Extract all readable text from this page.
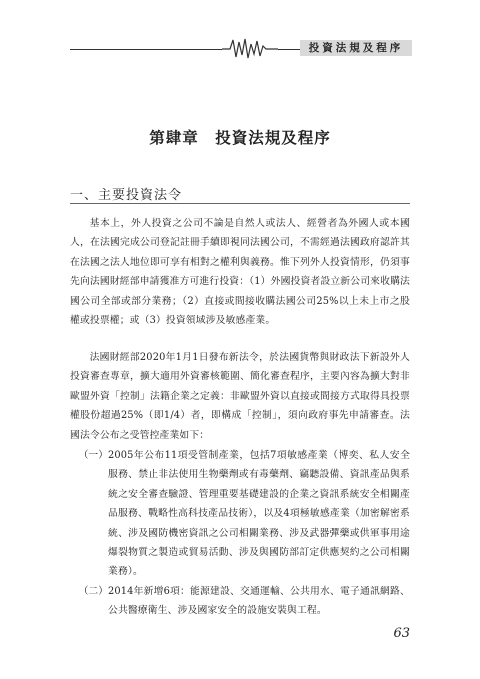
投資法規及程序
第肆章　投資法規及程序
一、主要投資法令

基本上，外人投資之公司不論是自然人或法人、經營者為外國人或本國人，在法國完成公司登記註冊手續即視同法國公司，不需經過法國政府認許其在法國之法人地位即可享有相對之權利與義務。惟下列外人投資情形，仍須事先向法國財經部申請獲准方可進行投資：（1）外國投資者設立新公司來收購法國公司全部或部分業務；（2）直接或間接收購法國公司25%以上未上市之股權或投票權；或（3）投資領域涉及敏感產業。

法國財經部2020年1月1日發布新法令，於法國貨幣與財政法下新設外人投資審查專章，擴大適用外資審核範圍、簡化審查程序，主要內容為擴大對非歐盟外資「控制」法籍企業之定義：非歐盟外資以直接或間接方式取得具投票權股份超過25%（即1/4）者，即構成「控制」，須向政府事先申請審查。法國法令公布之受管控產業如下：

（一） 2005年公布11項受管制產業，包括7項敏感產業（博奕、私人安全服務、禁止非法使用生物藥劑或有毒藥劑、竊聽設備、資訊產品與系統之安全審查驗證、管理重要基礎建設的企業之資訊系統安全相關產品服務、戰略性高科技產品技術），以及4項極敏感產業（加密解密系統、涉及國防機密資訊之公司相關業務、涉及武器彈藥或供軍事用途爆裂物質之製造或貿易活動、涉及與國防部訂定供應契約之公司相關業務）。
（二） 2014年新增6項：能源建設、交通運輸、公共用水、電子通訊網路、公共醫療衛生、涉及國家安全的設施安裝與工程。
63
